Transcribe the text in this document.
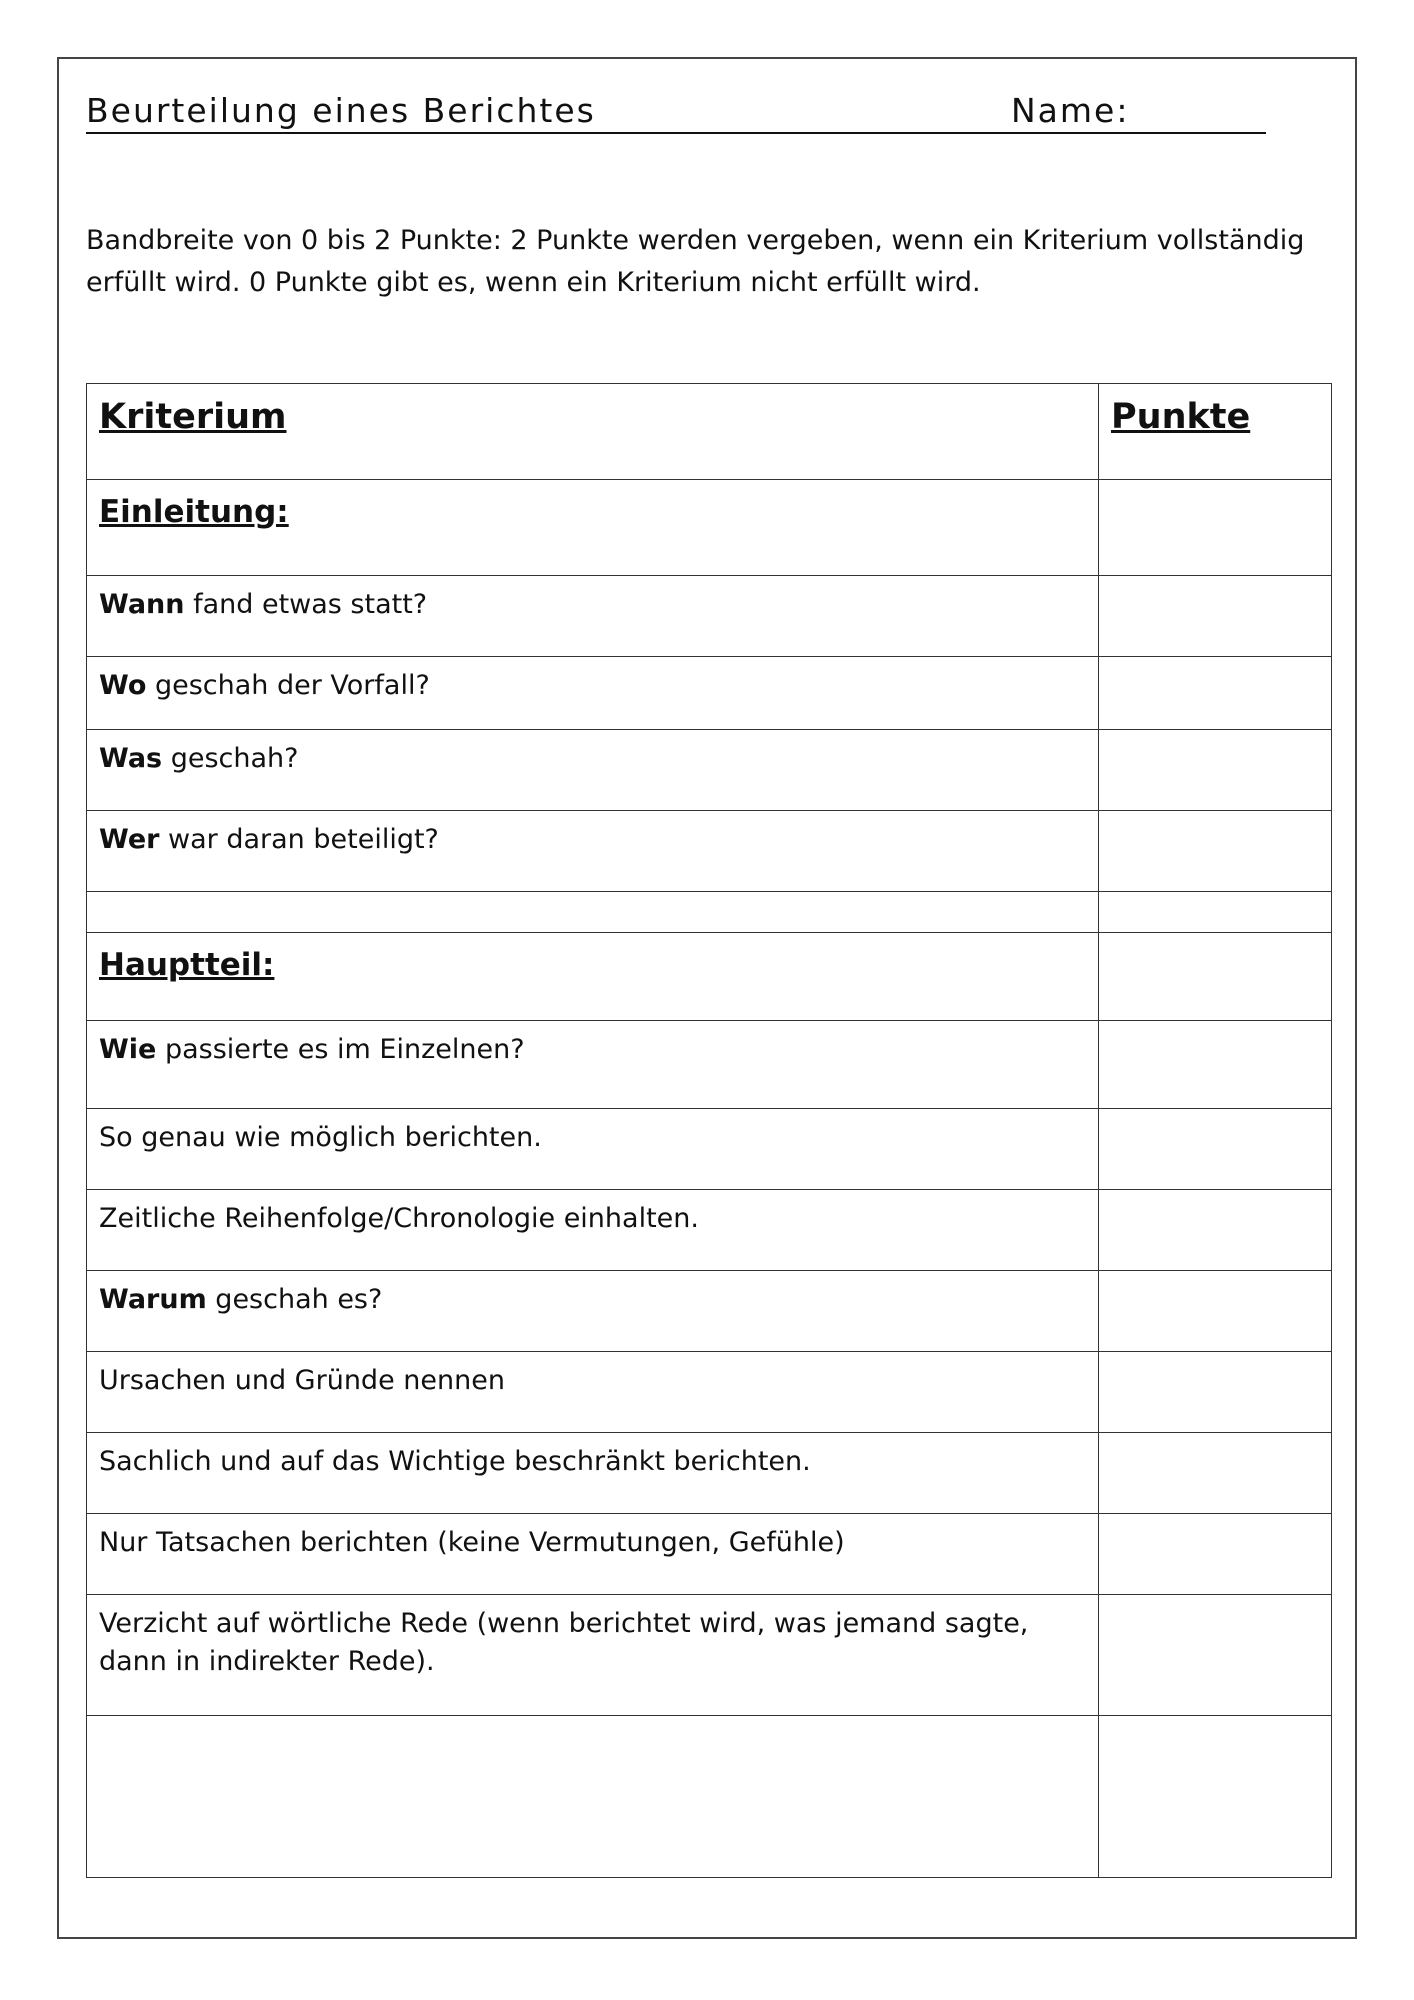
Beurteilung eines Berichtes	Name:
Bandbreite von 0 bis 2 Punkte: 2 Punkte werden vergeben, wenn ein Kriterium vollständig
erfüllt wird. 0 Punkte gibt es, wenn ein Kriterium nicht erfüllt wird.
Kriterium	Punkte
Einleitung:	
Wann fand etwas statt?	
Wo geschah der Vorfall?	
Was geschah?	
Wer war daran beteiligt?	

Hauptteil:	
Wie passierte es im Einzelnen?	
So genau wie möglich berichten.	
Zeitliche Reihenfolge/Chronologie einhalten.	
Warum geschah es?	
Ursachen und Gründe nennen	
Sachlich und auf das Wichtige beschränkt berichten.	
Nur Tatsachen berichten (keine Vermutungen, Gefühle)	

Verzicht auf wörtliche Rede (wenn berichtet wird, was jemand sagte,
dann in indirekter Rede).	
